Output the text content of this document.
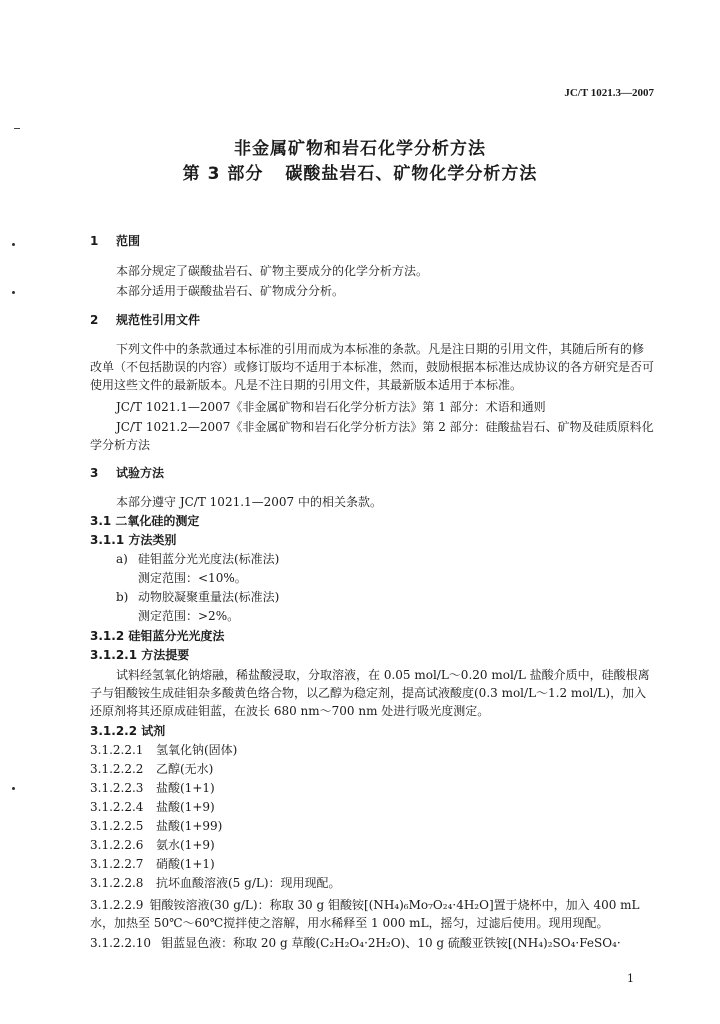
JC/T 1021.3—2007
非金属矿物和岩石化学分析方法
第 3 部分 碳酸盐岩石、矿物化学分析方法
1 范围
本部分规定了碳酸盐岩石、矿物主要成分的化学分析方法。
本部分适用于碳酸盐岩石、矿物成分分析。
2 规范性引用文件
下列文件中的条款通过本标准的引用而成为本标准的条款。凡是注日期的引用文件，其随后所有的修改单（不包括勘误的内容）或修订版均不适用于本标准，然而，鼓励根据本标准达成协议的各方研究是否可使用这些文件的最新版本。凡是不注日期的引用文件，其最新版本适用于本标准。
JC/T 1021.1—2007《非金属矿物和岩石化学分析方法》第 1 部分：术语和通则
JC/T 1021.2—2007《非金属矿物和岩石化学分析方法》第 2 部分：硅酸盐岩石、矿物及硅质原料化学分析方法
3 试验方法
本部分遵守 JC/T 1021.1—2007 中的相关条款。
3.1 二氧化硅的测定
3.1.1 方法类别
a) 硅钼蓝分光光度法(标准法)
测定范围：<10%。
b) 动物胶凝聚重量法(标准法)
测定范围：>2%。
3.1.2 硅钼蓝分光光度法
3.1.2.1 方法提要
试料经氢氧化钠熔融，稀盐酸浸取，分取溶液，在 0.05 mol/L～0.20 mol/L 盐酸介质中，硅酸根离子与钼酸铵生成硅钼杂多酸黄色络合物，以乙醇为稳定剂，提高试液酸度(0.3 mol/L～1.2 mol/L)，加入还原剂将其还原成硅钼蓝，在波长 680 nm～700 nm 处进行吸光度测定。
3.1.2.2 试剂
3.1.2.2.1 氢氧化钠(固体)
3.1.2.2.2 乙醇(无水)
3.1.2.2.3 盐酸(1+1)
3.1.2.2.4 盐酸(1+9)
3.1.2.2.5 盐酸(1+99)
3.1.2.2.6 氨水(1+9)
3.1.2.2.7 硝酸(1+1)
3.1.2.2.8 抗坏血酸溶液(5 g/L)：现用现配。
3.1.2.2.9 钼酸铵溶液(30 g/L)：称取 30 g 钼酸铵[(NH₄)₆Mo₇O₂₄·4H₂O]置于烧杯中，加入 400 mL 水，加热至 50℃～60℃搅拌使之溶解，用水稀释至 1 000 mL，摇匀，过滤后使用。现用现配。
3.1.2.2.10 钼蓝显色液：称取 20 g 草酸(C₂H₂O₄·2H₂O)、10 g 硫酸亚铁铵[(NH₄)₂SO₄·FeSO₄·
1
